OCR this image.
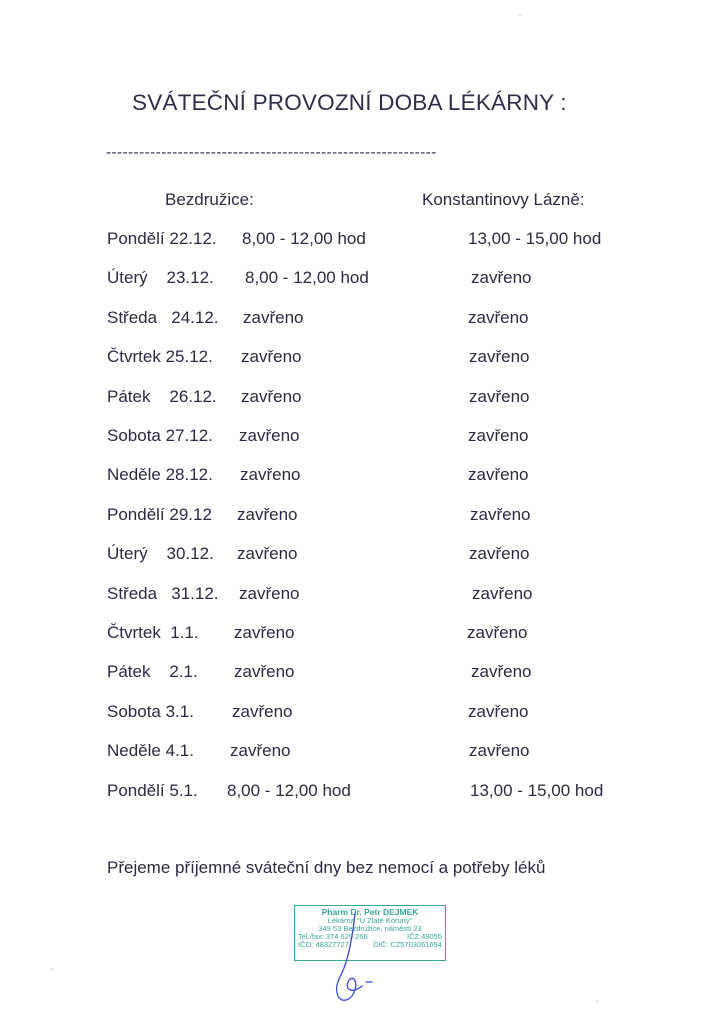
SVÁTEČNÍ PROVOZNÍ DOBA LÉKÁRNY :
------------------------------------------------------------
Bezdružice:	Konstantinovy Lázně:
Pondělí 22.12. 8,00 - 12,00 hod	13,00 - 15,00 hod
Úterý    23.12. 8,00 - 12,00 hod	zavřeno
Středa   24.12. zavřeno	zavřeno
Čtvrtek 25.12. zavřeno	zavřeno
Pátek    26.12. zavřeno	zavřeno
Sobota 27.12. zavřeno	zavřeno
Neděle 28.12. zavřeno	zavřeno
Pondělí 29.12 zavřeno	zavřeno
Úterý    30.12. zavřeno	zavřeno
Středa   31.12. zavřeno	zavřeno
Čtvrtek  1.1. zavřeno	zavřeno
Pátek    2.1. zavřeno	zavřeno
Sobota 3.1. zavřeno	zavřeno
Neděle 4.1. zavřeno	zavřeno
Pondělí 5.1. 8,00 - 12,00 hod	13,00 - 15,00 hod
Přejeme příjemné sváteční dny bez nemocí a potřeby léků
Pharm Dr. Petr DEJMEK
Lékárna "U Zlaté Koruny"
349 53 Bezdružice, náměstí 23
Tel./fax: 374 629 266	IČZ:49055
IČO: 48327727	DIČ: CZ5703061694
